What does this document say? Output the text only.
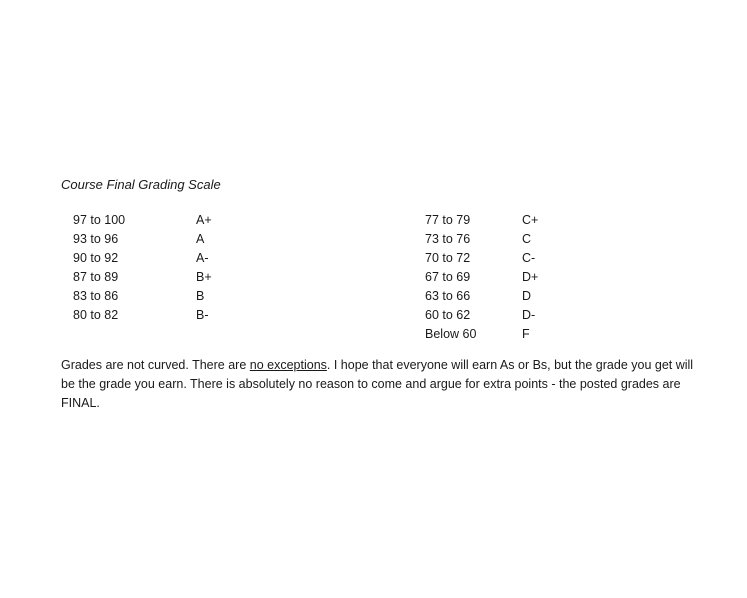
Course Final Grading Scale
97 to 100
93 to 96
90 to 92
87 to 89
83 to 86
80 to 82
A+
A
A-
B+
B
B-
77 to 79
73 to 76
70 to 72
67 to 69
63 to 66
60 to 62
Below 60
C+
C
C-
D+
D
D-
F
Grades are not curved. There are no exceptions. I hope that everyone will earn As or Bs, but the grade you get will be the grade you earn. There is absolutely no reason to come and argue for extra points - the posted grades are FINAL.
